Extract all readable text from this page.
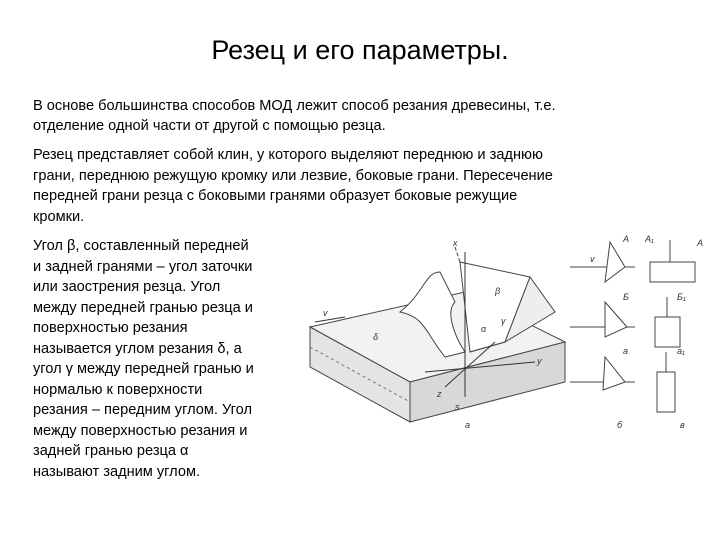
Резец и его параметры.
В основе большинства способов МОД лежит способ резания древесины, т.е.
отделение одной части от другой с помощью резца.
Резец представляет собой клин, у которого выделяют переднюю и заднюю
грани, переднюю режущую кромку или лезвие, боковые грани. Пересечение
передней грани резца с боковыми гранями образует боковые режущие
кромки.
Угол β, составленный передней
и задней гранями – угол заточки
или заострения резца. Угол
между передней гранью резца и
поверхностью резания
называется углом резания δ, а
угол γ между передней гранью и
нормалью к поверхности
резания – передним углом. Угол
между поверхностью резания и
задней гранью резца α
называют задним углом.
x
y
z
v
δ
β
α
γ
s
а	б	в
A A₁	A
v
Б	Б₁
a	a₁
